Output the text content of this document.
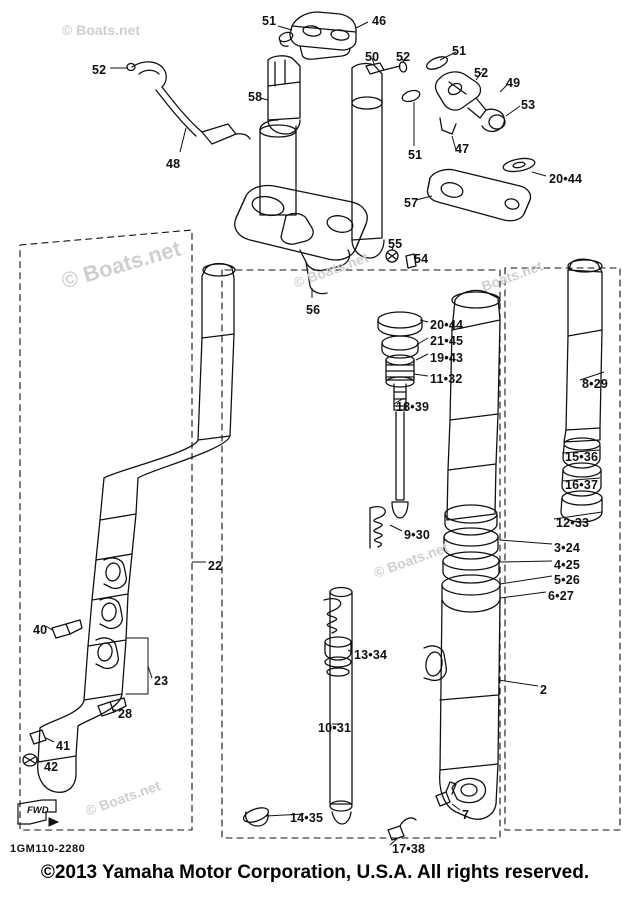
51	46
52
50 52	51
52
49
53
58
47
51
48
20•44
57
55
54
56
20•44
21•45
19•43
11•32
18•39
8•29
15•36
16•37
12•33
3•24
4•25
5•26
6•27
9•30
22
2
40
23
13•34
28
10•31
41
42
7
14•35
17•38
FWD
© Boats.net
© Boats.net
© Boats.net	Boats.net
© Boats.net
© Boats.net
1GM110-2280
©2013 Yamaha Motor Corporation, U.S.A. All rights reserved.
